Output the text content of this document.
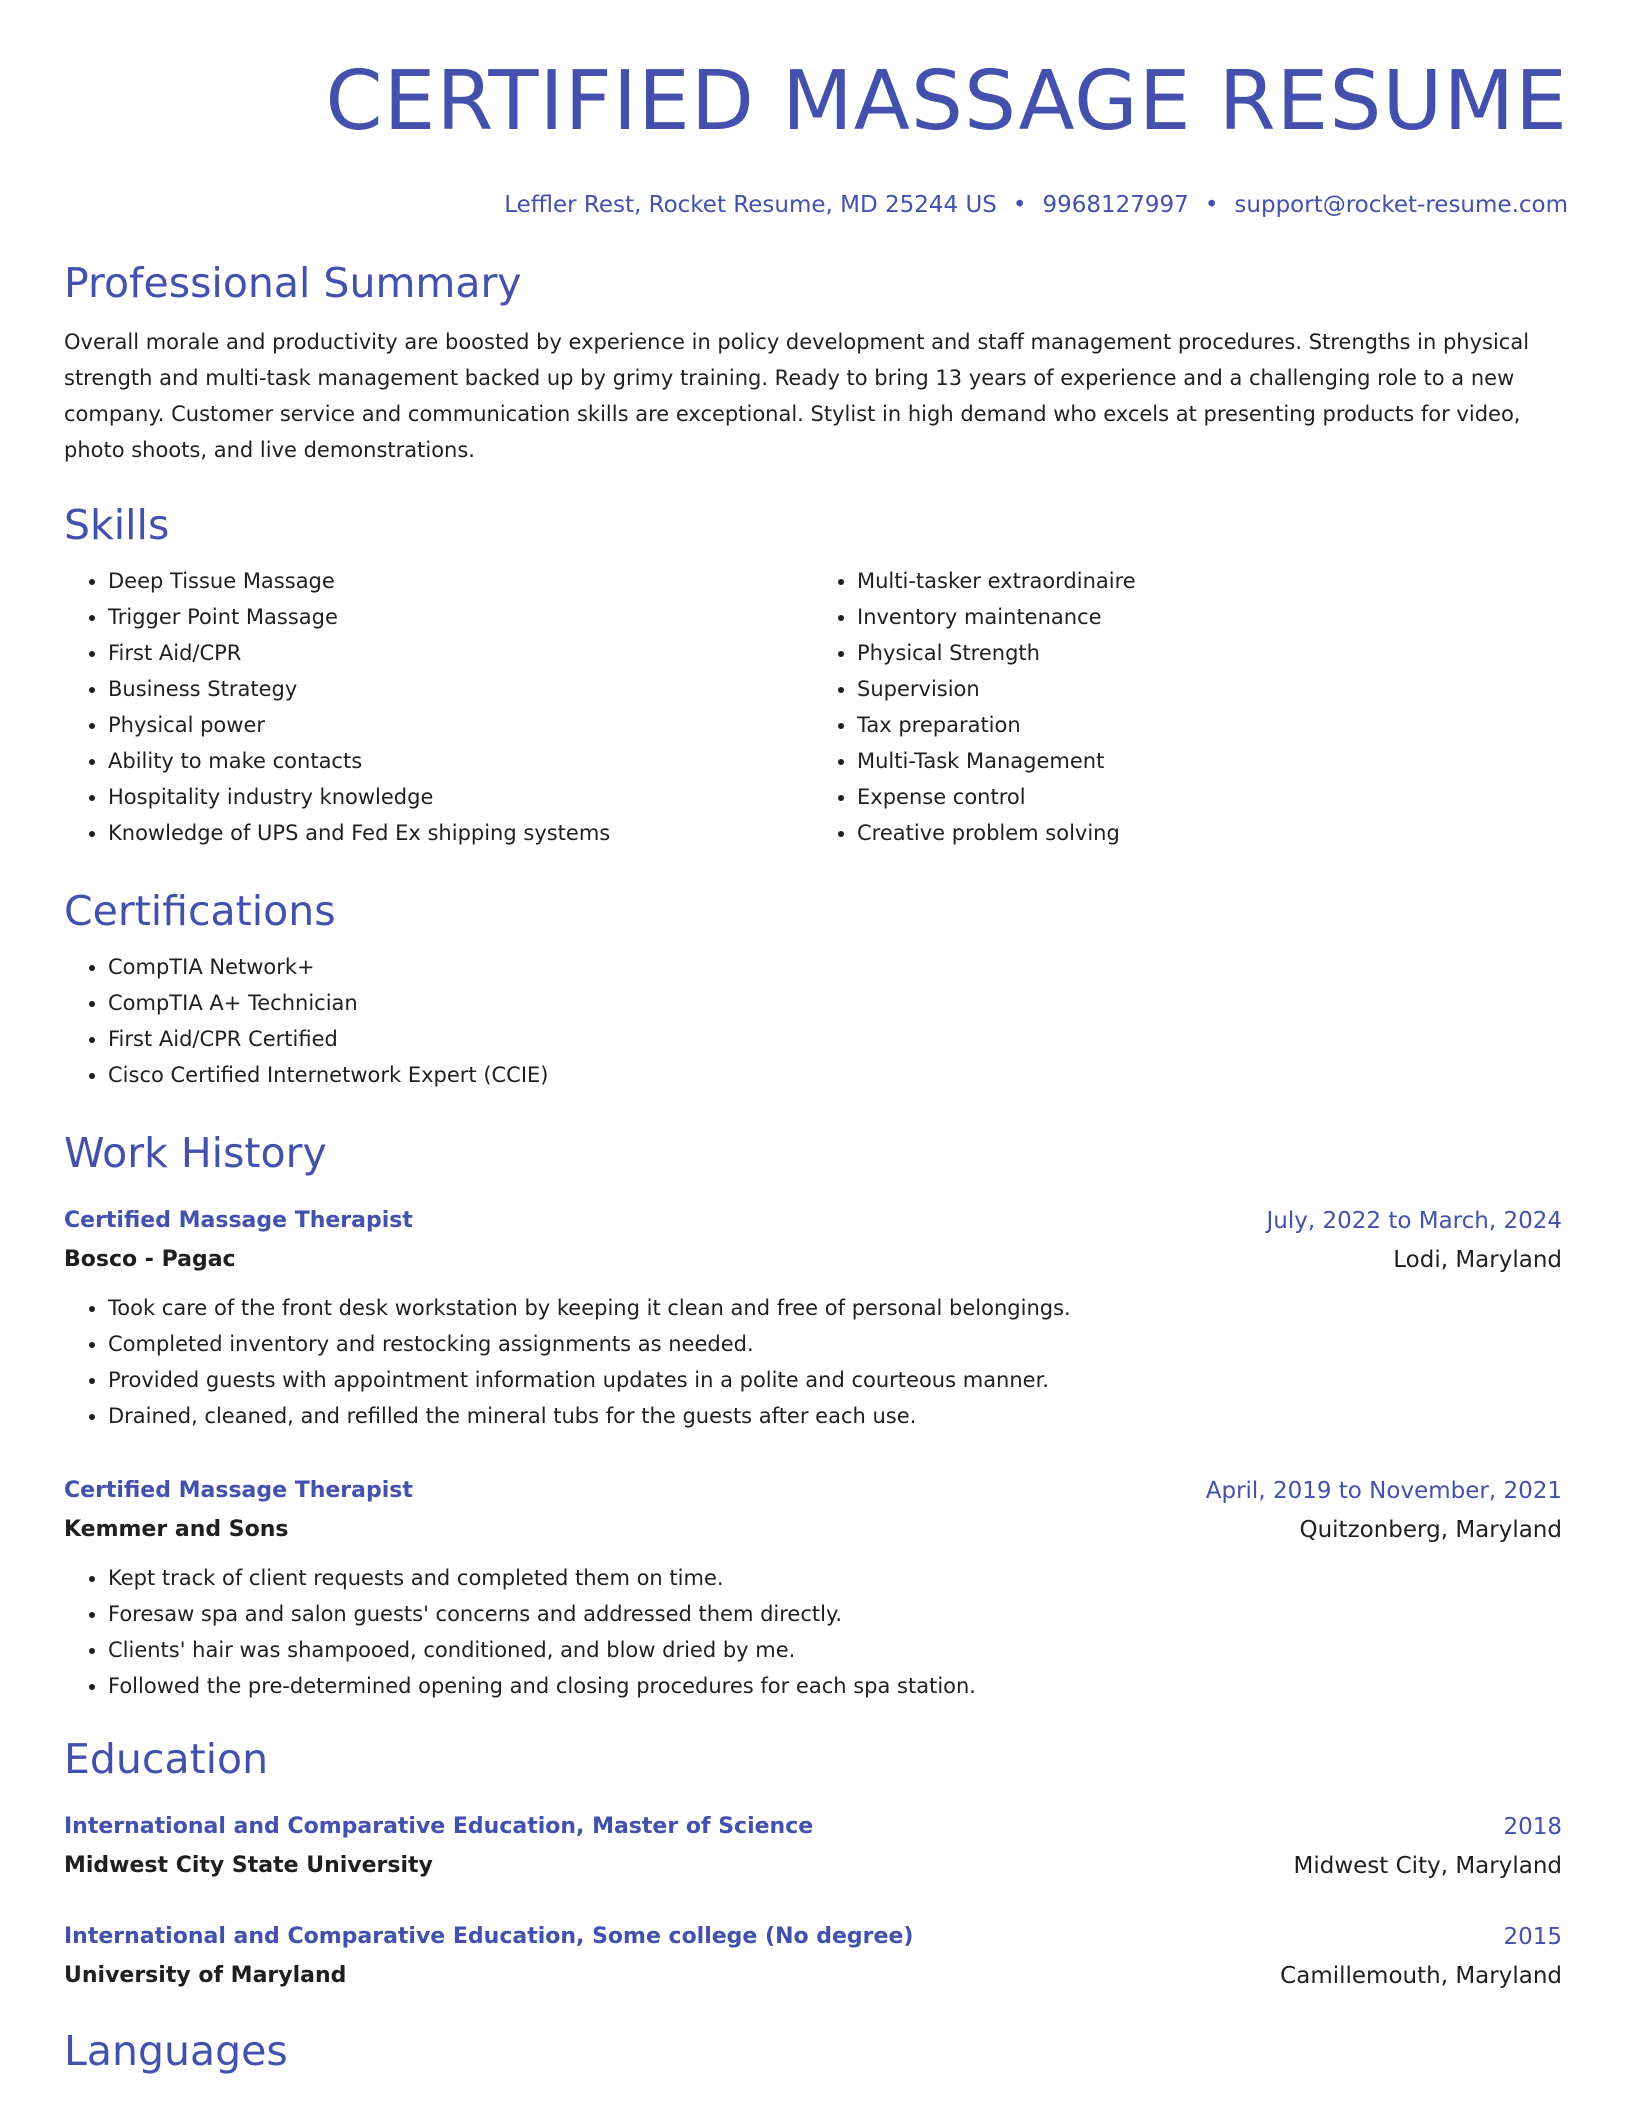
CERTIFIED MASSAGE RESUME
Leffler Rest, Rocket Resume, MD 25244 US • 9968127997 • support@rocket-resume.com
Professional Summary

Overall morale and productivity are boosted by experience in policy development and staff management procedures. Strengths in physical strength and multi-task management backed up by grimy training. Ready to bring 13 years of experience and a challenging role to a new company. Customer service and communication skills are exceptional. Stylist in high demand who excels at presenting products for video, photo shoots, and live demonstrations.

Skills
• Deep Tissue Massage
• Trigger Point Massage
• First Aid/CPR
• Business Strategy
• Physical power
• Ability to make contacts
• Hospitality industry knowledge
• Knowledge of UPS and Fed Ex shipping systems
• Multi-tasker extraordinaire
• Inventory maintenance
• Physical Strength
• Supervision
• Tax preparation
• Multi-Task Management
• Expense control
• Creative problem solving
Certifications
• CompTIA Network+
• CompTIA A+ Technician
• First Aid/CPR Certified
• Cisco Certified Internetwork Expert (CCIE)
Work History
Certified Massage Therapist	July, 2022 to March, 2024
Bosco - Pagac	Lodi, Maryland
• Took care of the front desk workstation by keeping it clean and free of personal belongings.
• Completed inventory and restocking assignments as needed.
• Provided guests with appointment information updates in a polite and courteous manner.
• Drained, cleaned, and refilled the mineral tubs for the guests after each use.
Certified Massage Therapist	April, 2019 to November, 2021
Kemmer and Sons	Quitzonberg, Maryland
• Kept track of client requests and completed them on time.
• Foresaw spa and salon guests' concerns and addressed them directly.
• Clients' hair was shampooed, conditioned, and blow dried by me.
• Followed the pre-determined opening and closing procedures for each spa station.
Education
International and Comparative Education, Master of Science	2018
Midwest City State University	Midwest City, Maryland
International and Comparative Education, Some college (No degree)	2015
University of Maryland	Camillemouth, Maryland
Languages
